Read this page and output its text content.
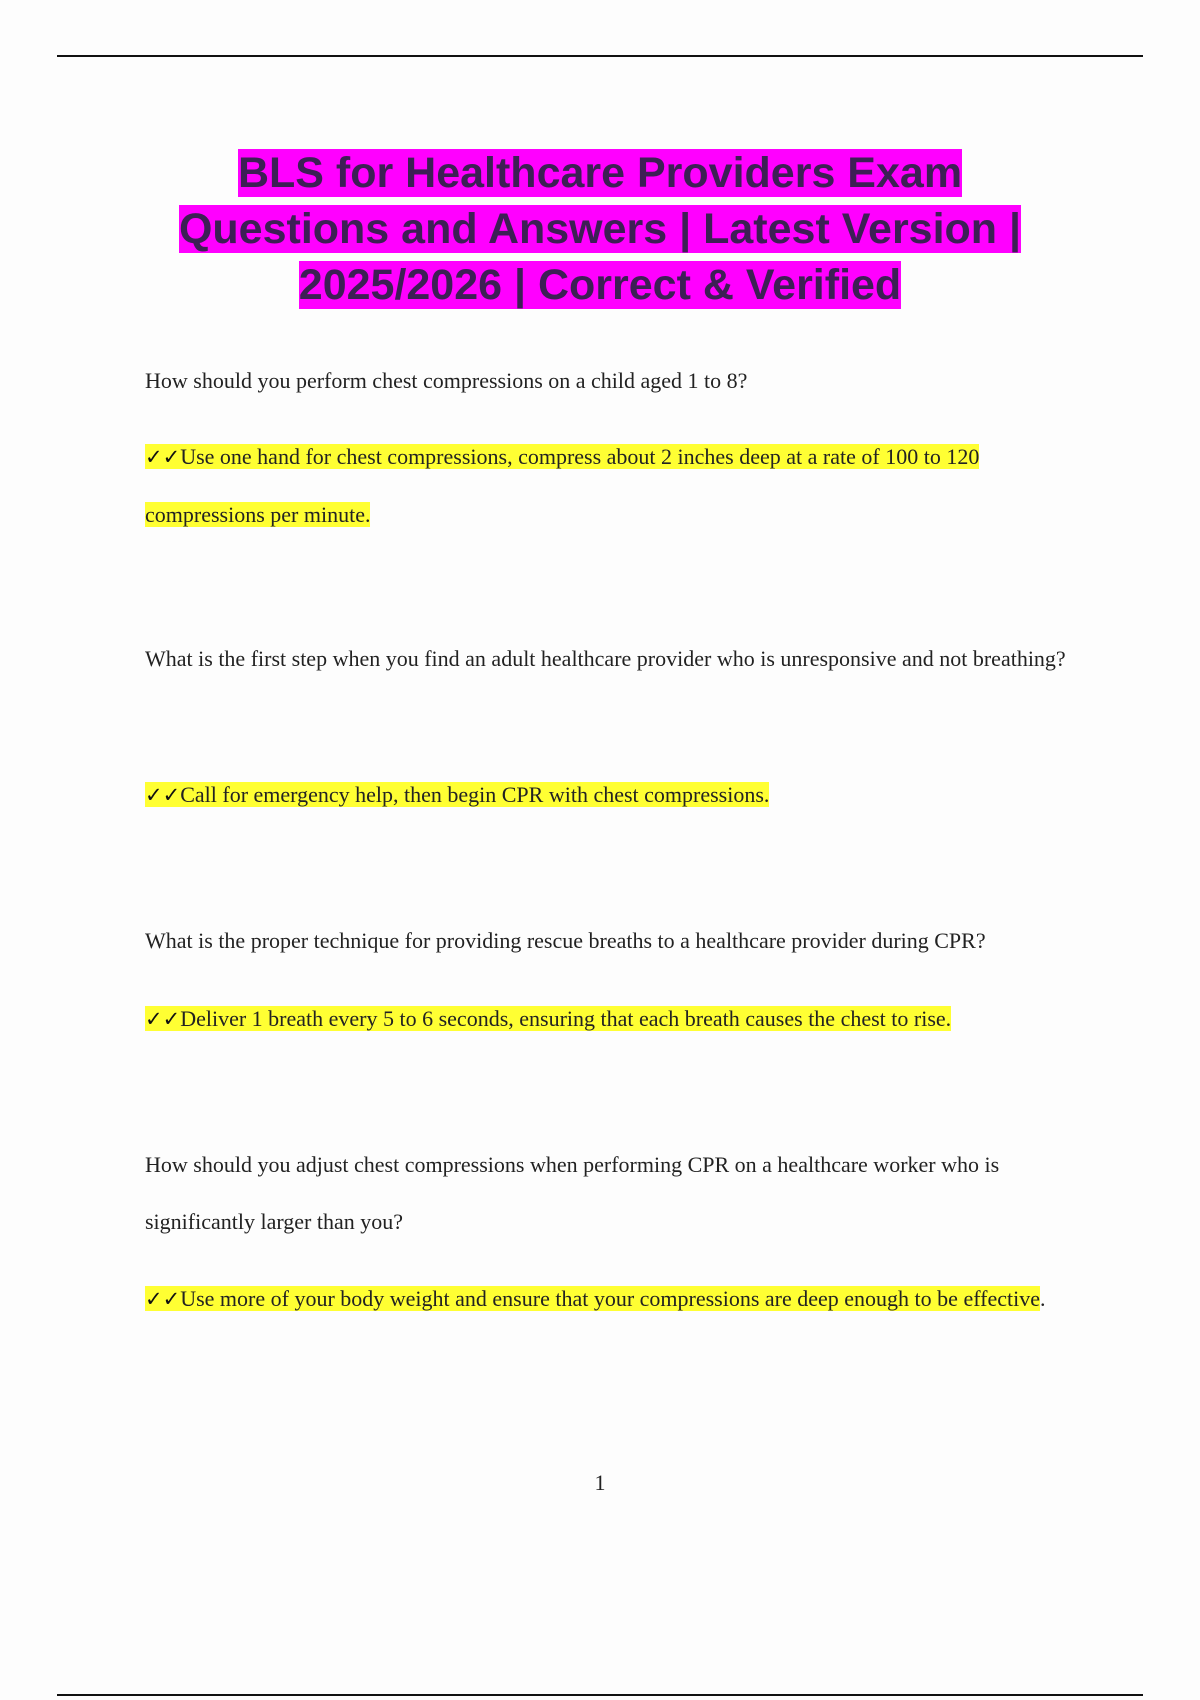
BLS for Healthcare Providers Exam Questions and Answers | Latest Version | 2025/2026 | Correct & Verified

How should you perform chest compressions on a child aged 1 to 8?

✓✓Use one hand for chest compressions, compress about 2 inches deep at a rate of 100 to 120 compressions per minute.

What is the first step when you find an adult healthcare provider who is unresponsive and not breathing?

✓✓Call for emergency help, then begin CPR with chest compressions.

What is the proper technique for providing rescue breaths to a healthcare provider during CPR?

✓✓Deliver 1 breath every 5 to 6 seconds, ensuring that each breath causes the chest to rise.

How should you adjust chest compressions when performing CPR on a healthcare worker who is significantly larger than you?

✓✓Use more of your body weight and ensure that your compressions are deep enough to be effective.

1
